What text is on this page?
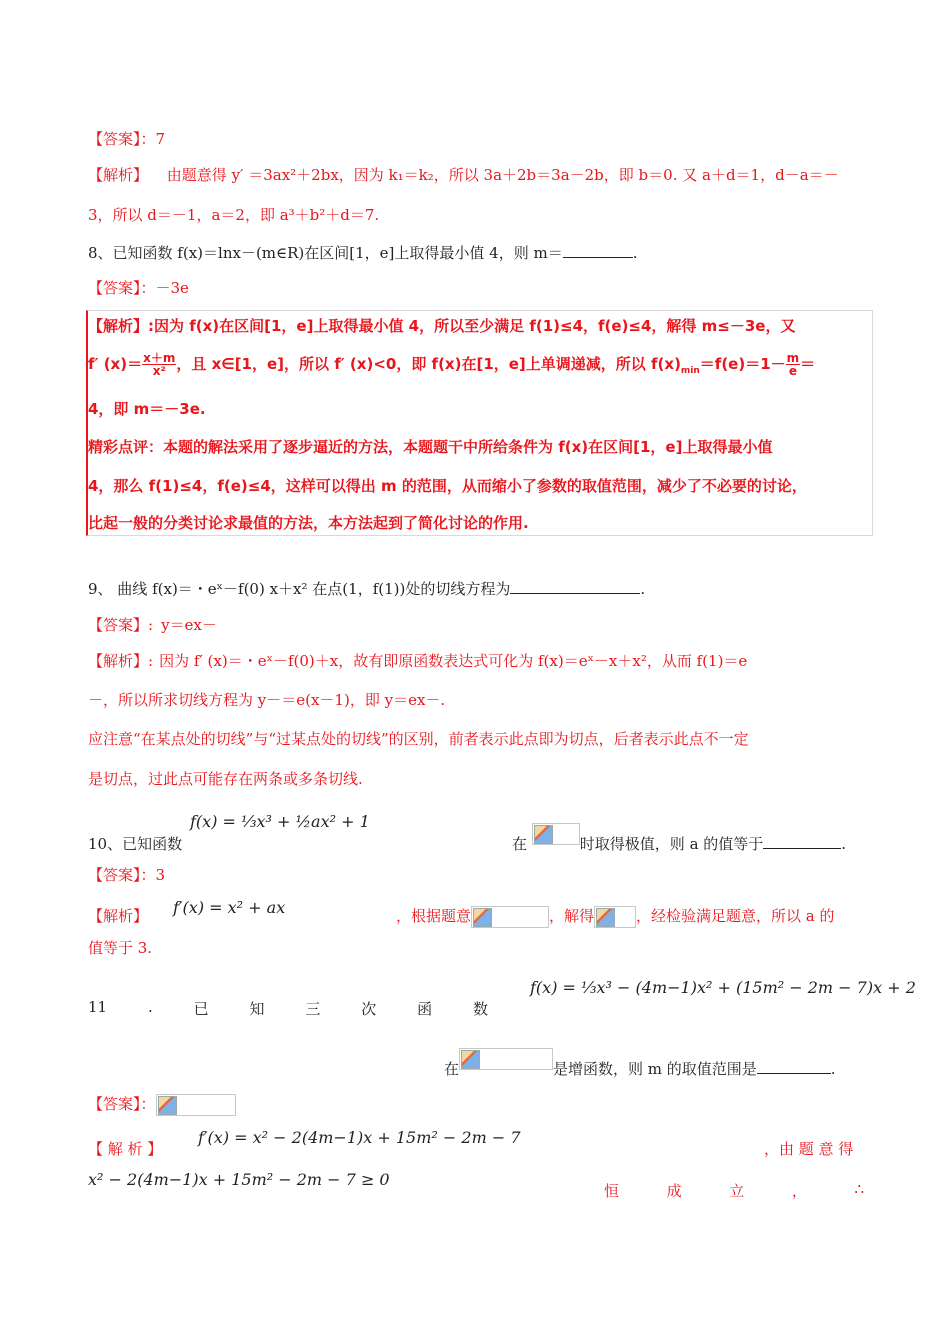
【答案】：7
【解析】 由题意得 y′ ＝3ax²＋2bx，因为 k₁＝k₂，所以 3a＋2b＝3a－2b，即 b＝0. 又 a＋d＝1，d－a＝－
3，所以 d＝－1，a＝2，即 a³＋b²＋d＝7.
8、已知函数 f(x)＝lnx－(m∈R)在区间[1，e]上取得最小值 4，则 m＝	.
【答案】：－3e
【解析】:因为 f(x)在区间[1，e]上取得最小值 4，所以至少满足 f(1)≤4，f(e)≤4，解得 m≤－3e，又
f′ $(x)= \frac{x+m}{\text{x²}}$ ，且 x∈[1，e]，所以 f′ (x)<0，即 f(x)在[1，e]上单调递减，所以 $f(x)_{min}=f(e)=1- \frac{m}{e}$ ＝
4，即 m＝－3e.
精彩点评：本题的解法采用了逐步逼近的方法，本题题干中所给条件为 f(x)在区间[1，e]上取得最小值
4，那么 f(1)≤4，f(e)≤4，这样可以得出 m 的范围，从而缩小了参数的取值范围，减少了不必要的讨论，
比起一般的分类讨论求最值的方法，本方法起到了简化讨论的作用.
9、 曲线 f(x)＝・eˣ－f(0) x＋x² 在点(1，f(1))处的切线方程为	.
【答案】: y＝ex－
【解析】: 因为 f′ (x)＝・eˣ－f(0)＋x，故有即原函数表达式可化为 f(x)＝eˣ－x＋x²，从而 f(1)＝e
－，所以所求切线方程为 y－＝e(x－1)，即 y＝ex－.
应注意“在某点处的切线”与“过某点处的切线”的区别，前者表示此点即为切点，后者表示此点不一定
是切点，过此点可能存在两条或多条切线.
f(x) = ⅓x³ + ½ax² + 1
10、已知函数	在	时取得极值，则 a 的值等于	.
【答案】：3
【解析】 f′(x) = x² + ax	，根据题意	，解得	，经检验满足题意，所以 a 的
值等于 3.
11	.	已	知	三	次	函	数
f(x) = ⅓x³ − (4m−1)x² + (15m² − 2m − 7)x + 2
在	是增函数，则 m 的取值范围是	.
【答案】：
【 解 析 】
f′(x) = x² − 2(4m−1)x + 15m² − 2m − 7
，由 题 意 得
x² − 2(4m−1)x + 15m² − 2m − 7 ≥ 0
恒	成	立	，	∴
